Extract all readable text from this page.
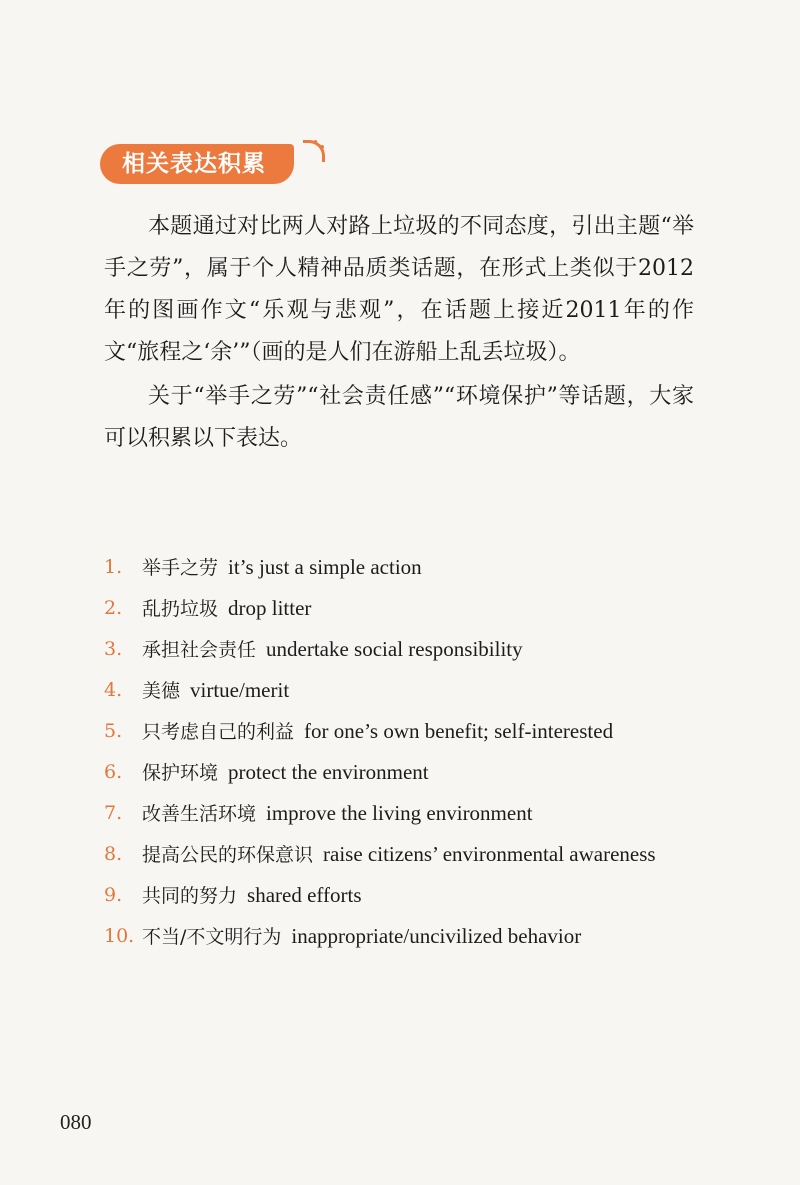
相关表达积累

本题通过对比两人对路上垃圾的不同态度，引出主题“举手之劳”，属于个人精神品质类话题，在形式上类似于2012年的图画作文“乐观与悲观”，在话题上接近2011年的作文“旅程之‘余’”（画的是人们在游船上乱丢垃圾）。

关于“举手之劳”“社会责任感”“环境保护”等话题，大家可以积累以下表达。

1.	举手之劳 it’s just a simple action
2.	乱扔垃圾 drop litter
3.	承担社会责任 undertake social responsibility
4.	美德 virtue/merit
5.	只考虑自己的利益 for one’s own benefit; self-interested
6.	保护环境 protect the environment
7.	改善生活环境 improve the living environment
8.	提高公民的环保意识 raise citizens’ environmental awareness
9.	共同的努力 shared efforts
10. 不当/不文明行为 inappropriate/uncivilized behavior
080
